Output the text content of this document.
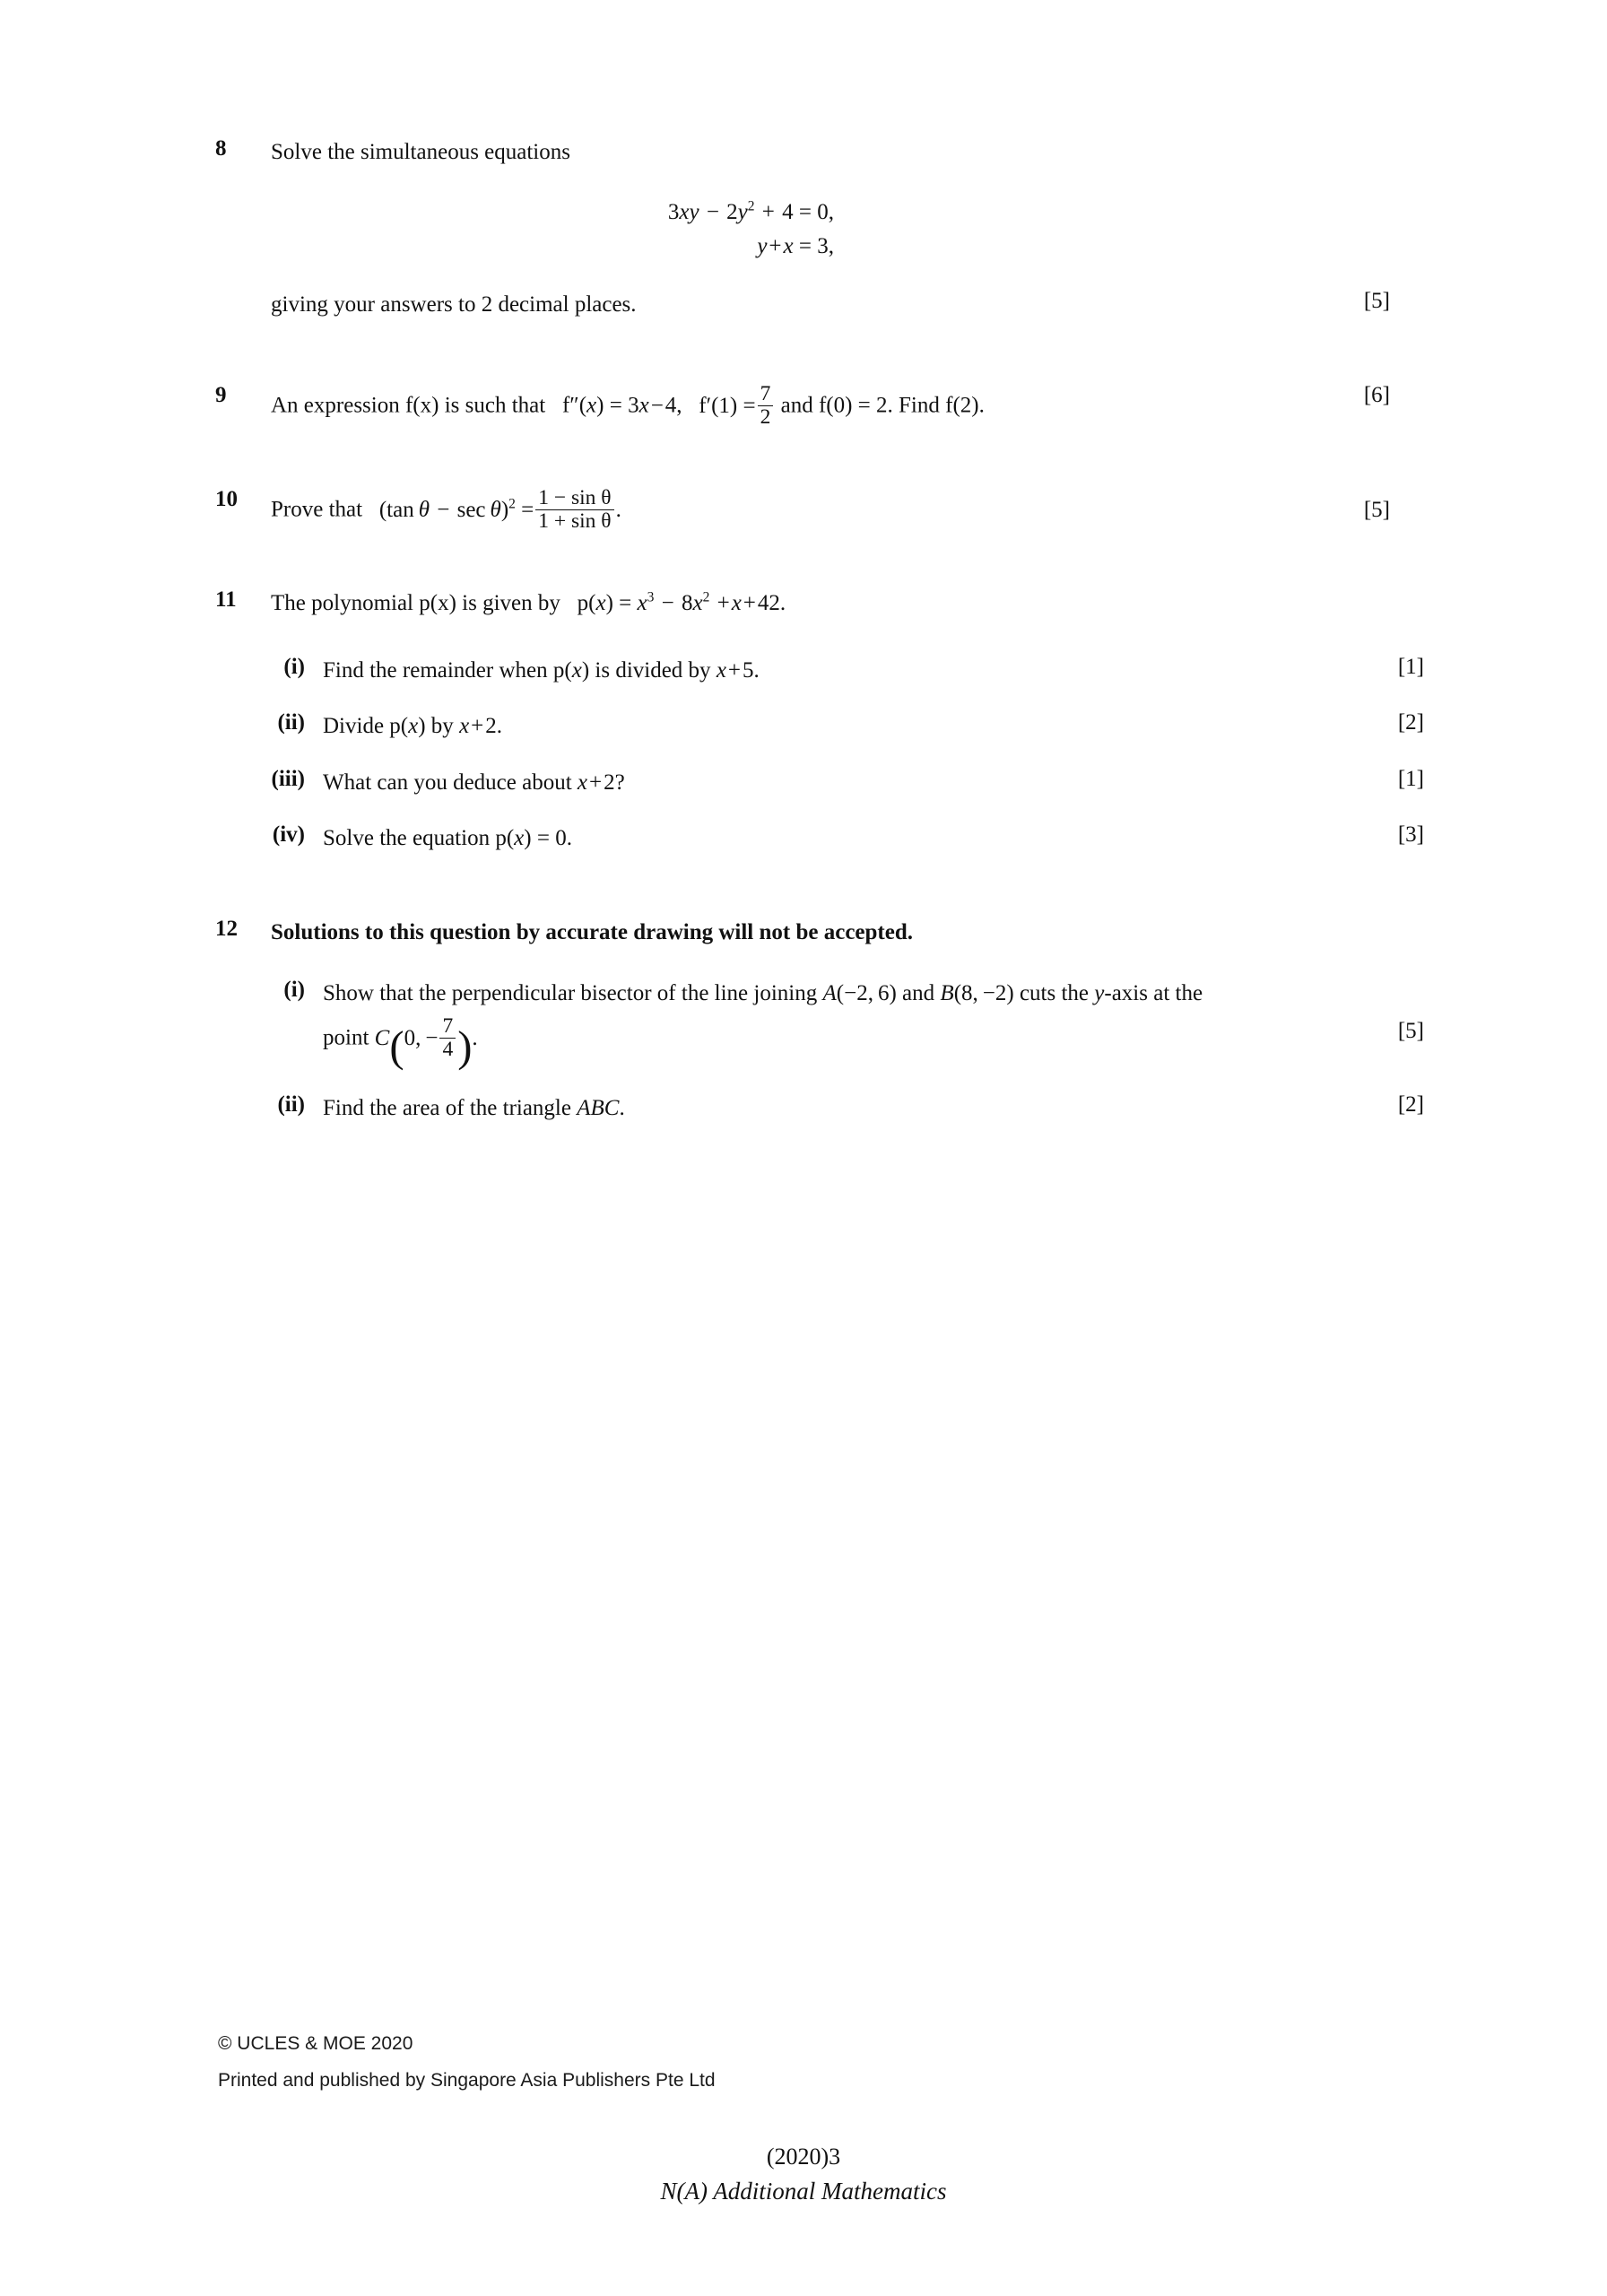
8	Solve the simultaneous equations
$3xy - 2y^2 + 4 = 0$,
y+x = 3,
giving your answers to 2 decimal places.	[5]
9	An expression f(x) is such that f″(x) = 3x−4, $f'(1) = \frac{7}{2}$ and f(0) = 2. Find f(2).	[6]
10	Prove that (tan $\theta - \sec \theta)^2 = \frac{\text{1 − sin θ}}{\text{1 + sin θ}}$ .	[5]
11	The polynomial p(x) is given by $p(x) = x^3 - 8x^2 +x+42$.
(i) Find the remainder when p(x) is divided by x+5.	[1]
(ii) Divide p(x) by x+2.	[2]
(iii) What can you deduce about x+2?	[1]
(iv) Solve the equation p(x) = 0.	[3]
12	Solutions to this question by accurate drawing will not be accepted.
(i) Show that the perpendicular bisector of the line joining A(−2, 6) and B(8, −2) cuts the y-axis at the
point C(0, − $\frac{7}{4}$ ).	[5]
(ii) Find the area of the triangle ABC.	[2]
© UCLES & MOE 2020
Printed and published by Singapore Asia Publishers Pte Ltd
(2020)3
N(A) Additional Mathematics
